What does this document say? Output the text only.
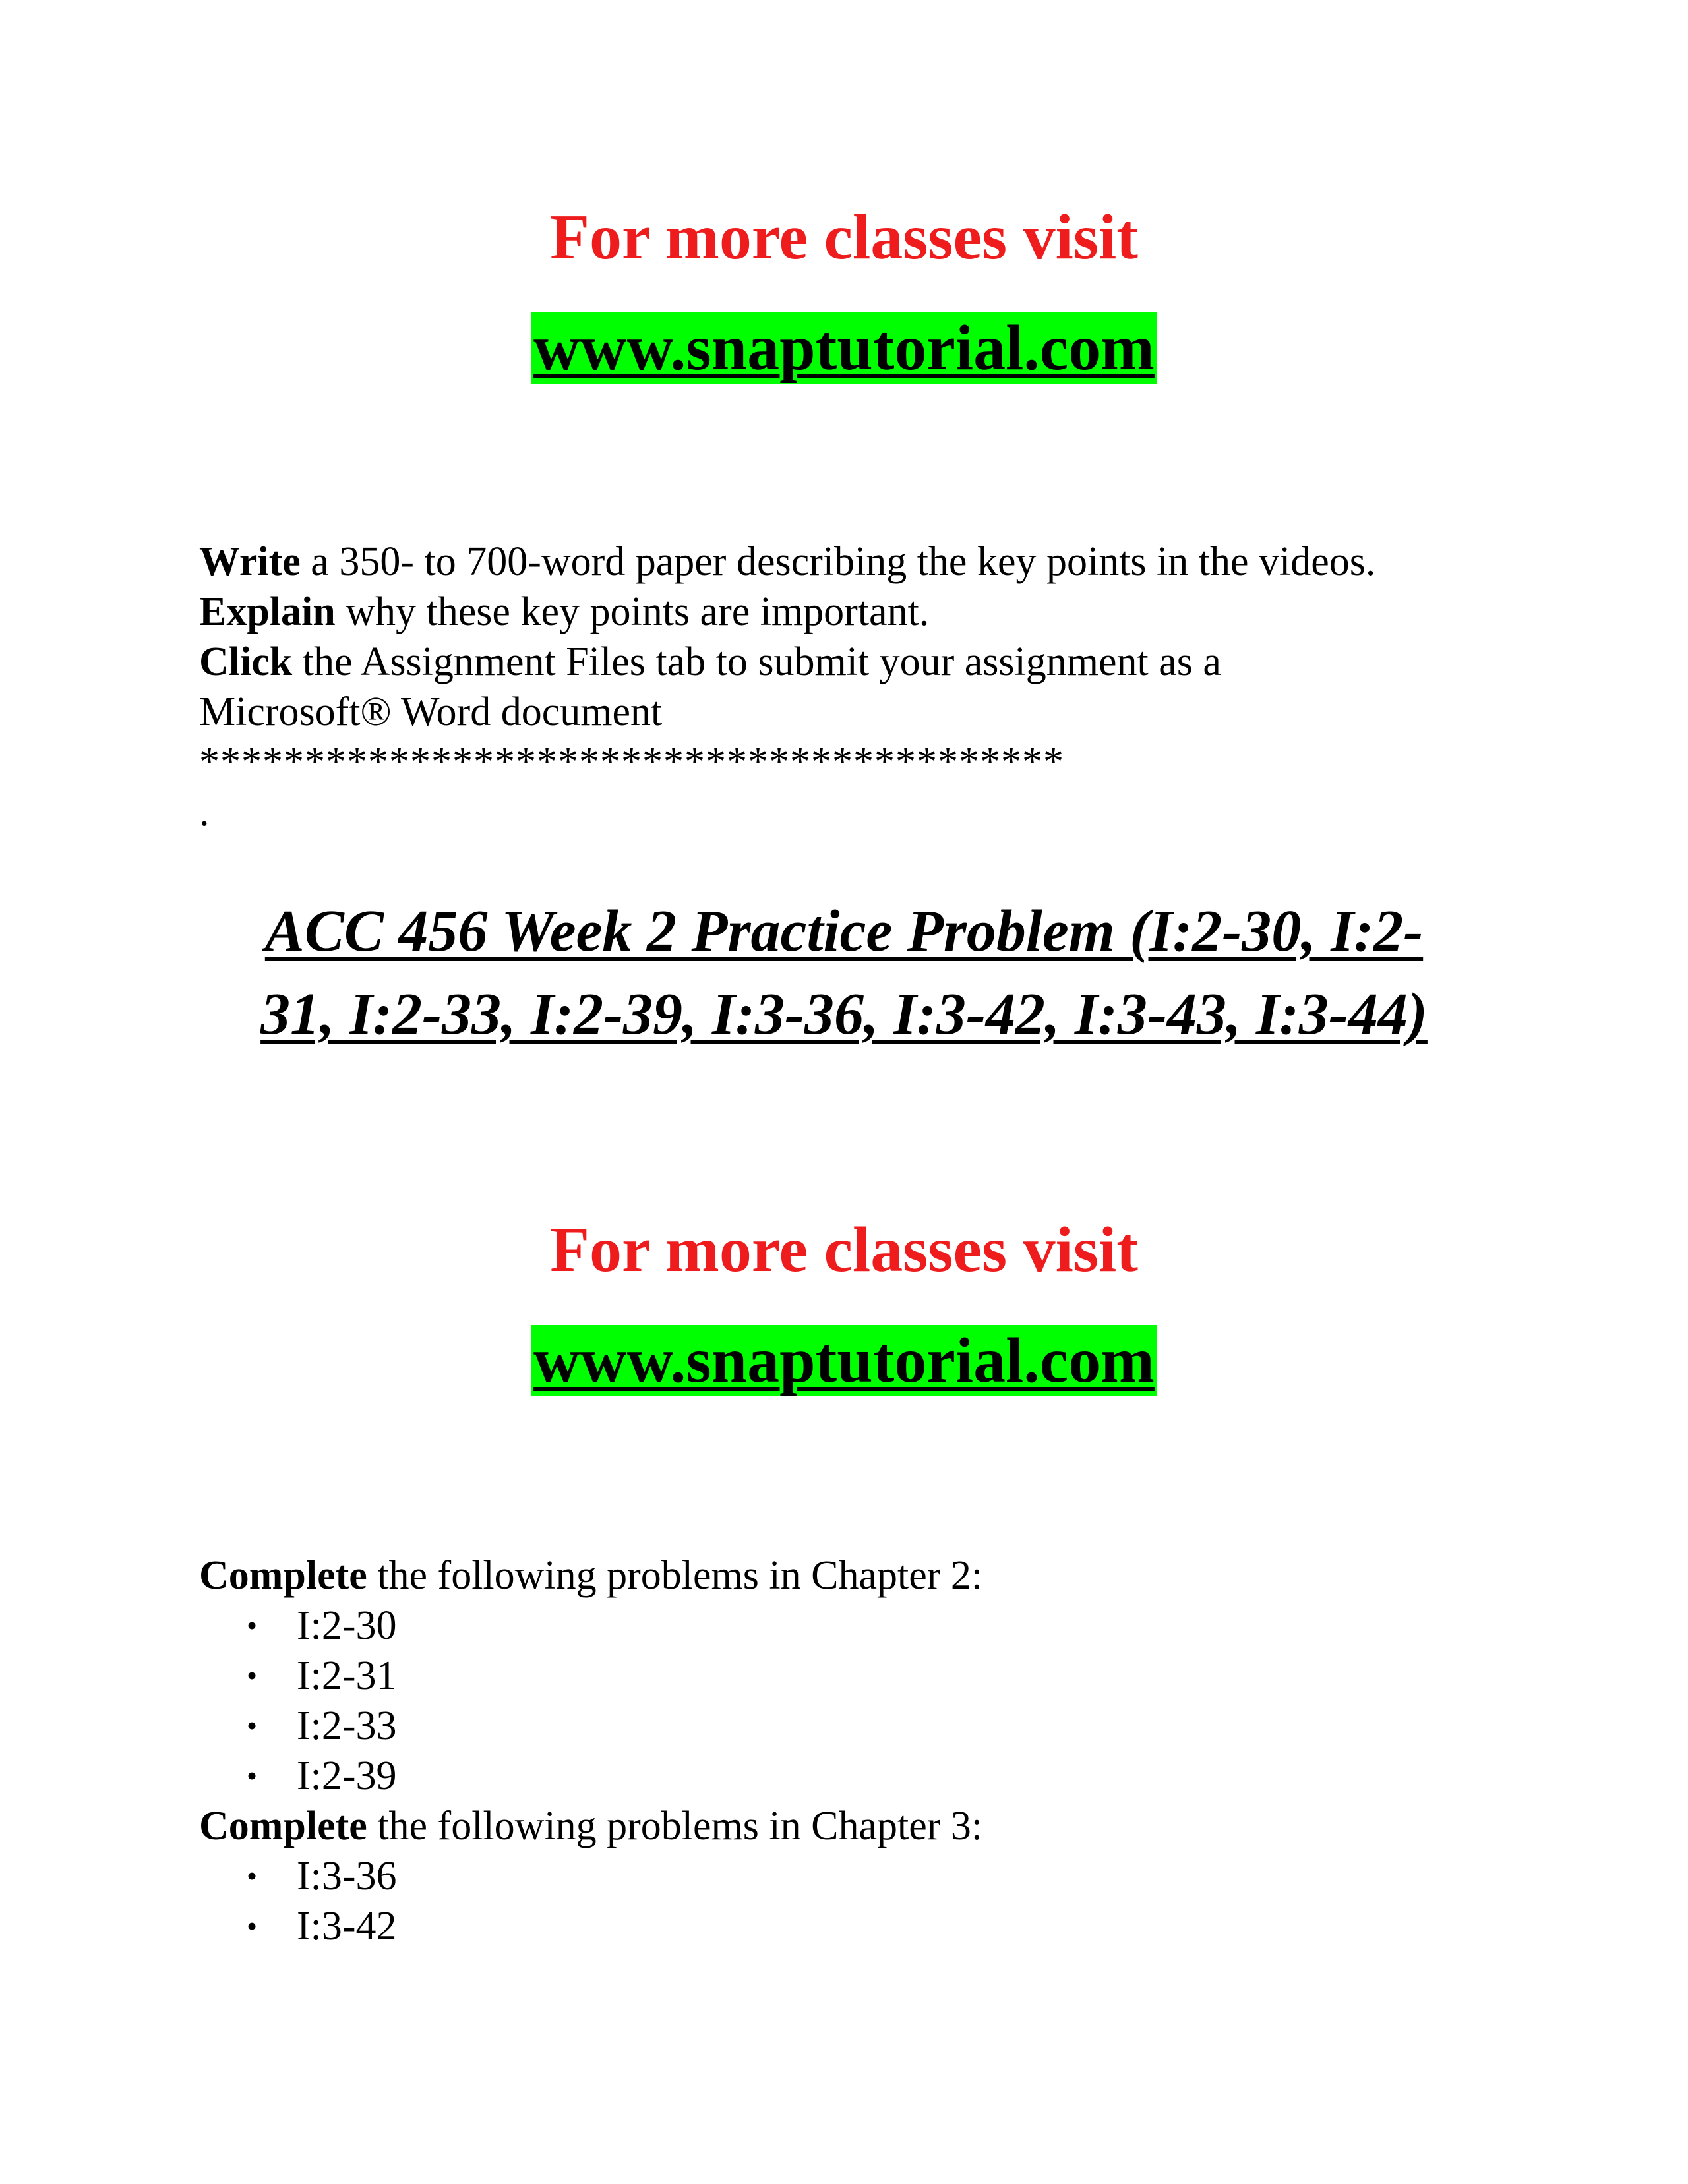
For more classes visit
www.snaptutorial.com

Write a 350- to 700-word paper describing the key points in the videos.

Explain why these key points are important.

Click the Assignment Files tab to submit your assignment as a

Microsoft® Word document

*****************************************

.

ACC 456 Week 2 Practice Problem (I:2-30, I:2-

31, I:2-33, I:2-39, I:3-36, I:3-42, I:3-43, I:3-44)

For more classes visit
www.snaptutorial.com

Complete the following problems in Chapter 2:

• I:2-30
• I:2-31
• I:2-33
• I:2-39

Complete the following problems in Chapter 3:

• I:3-36
• I:3-42
